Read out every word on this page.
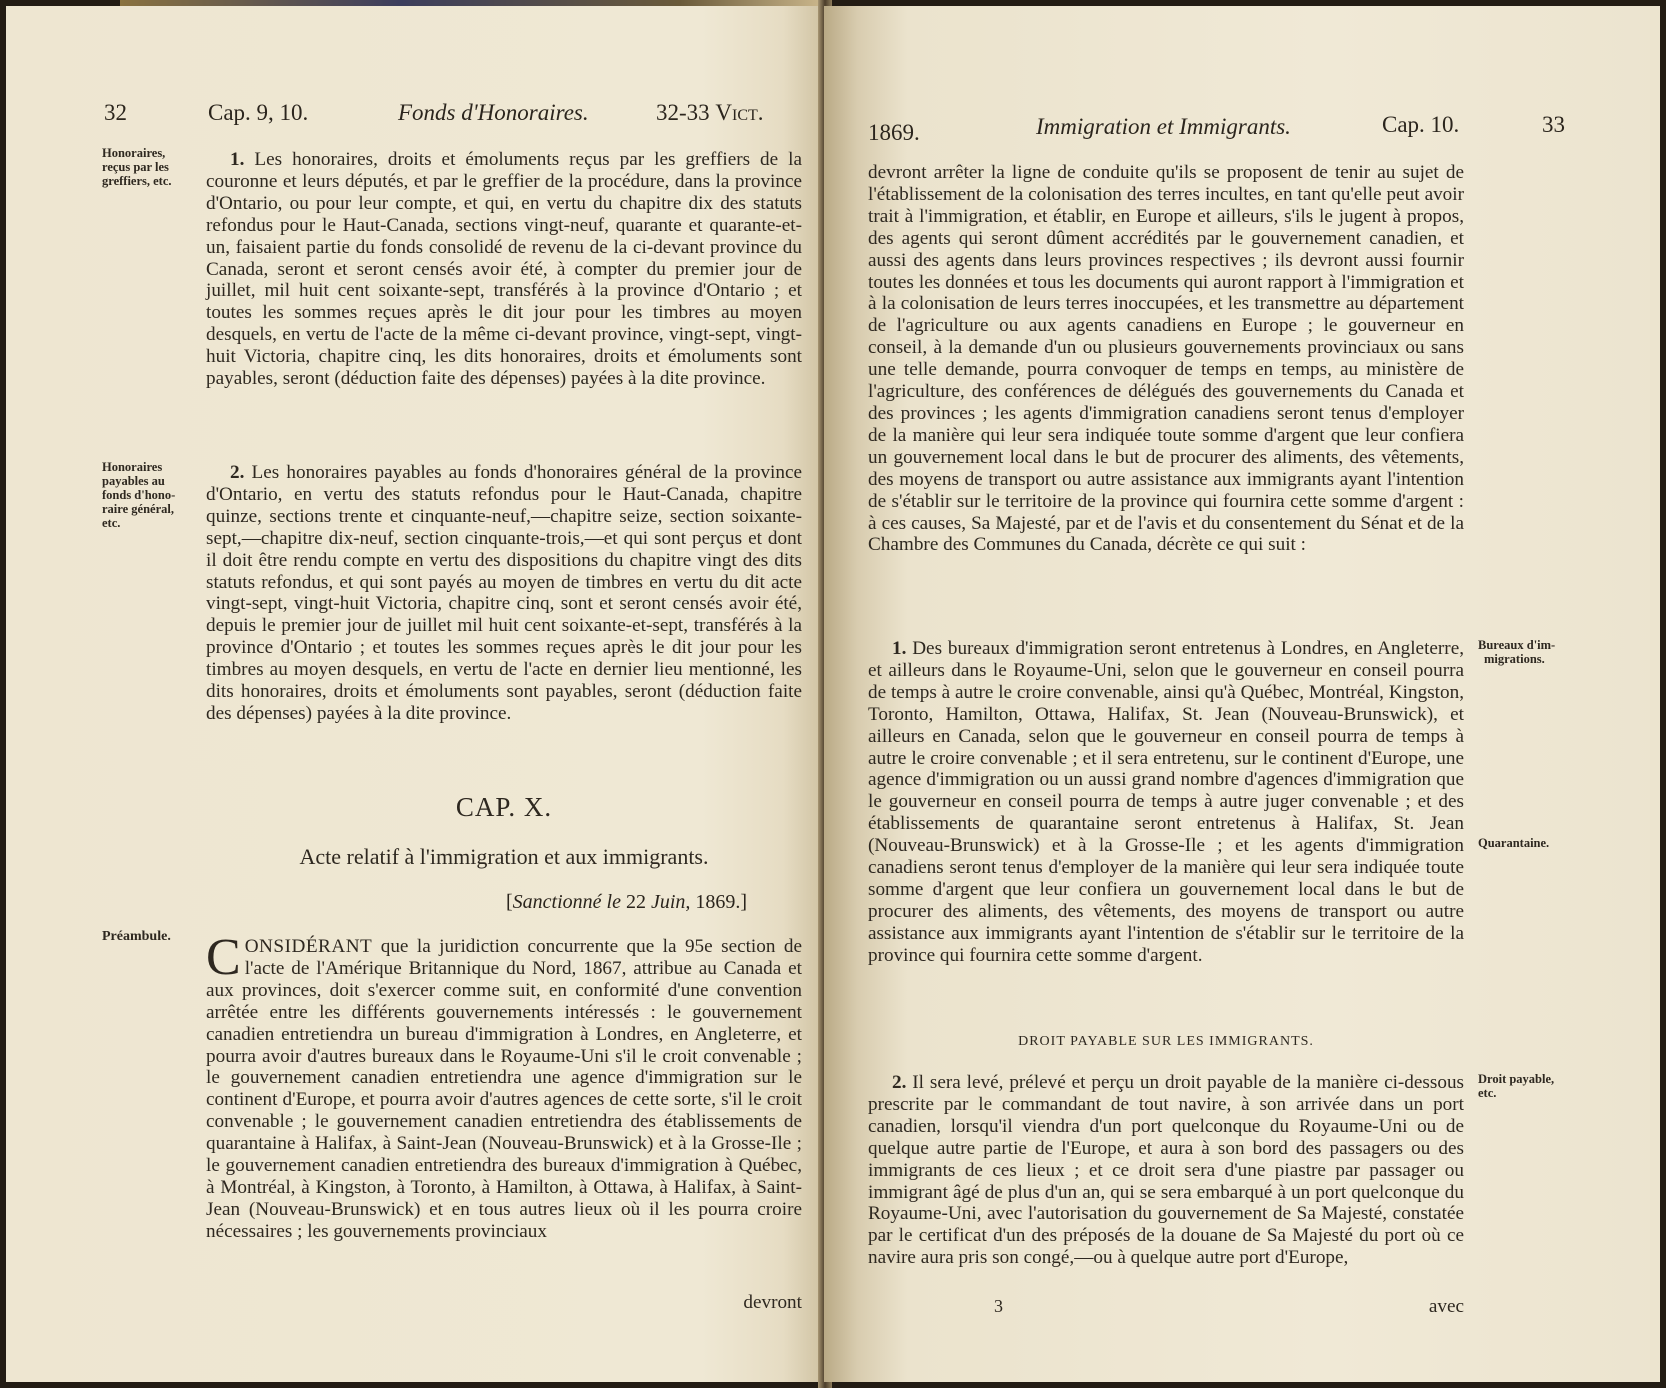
32	Cap. 9, 10.	Fonds d'Honoraires.	32-33 Vict.
Honoraires,
reçus par les
greffiers, etc.
Honoraires
payables au
fonds d'hono-
raire général,
etc.
Préambule.

1. Les honoraires, droits et émoluments reçus par les greffiers de la couronne et leurs députés, et par le greffier de la procédure, dans la province d'Ontario, ou pour leur compte, et qui, en vertu du chapitre dix des statuts refondus pour le Haut-Canada, sections vingt-neuf, quarante et quarante-et-un, faisaient partie du fonds consolidé de revenu de la ci-devant province du Canada, seront et seront censés avoir été, à compter du premier jour de juillet, mil huit cent soixante-sept, transférés à la province d'Ontario ; et toutes les sommes reçues après le dit jour pour les timbres au moyen desquels, en vertu de l'acte de la même ci-devant province, vingt-sept, vingt-huit Victoria, chapitre cinq, les dits honoraires, droits et émoluments sont payables, seront (déduction faite des dépenses) payées à la dite province.

2. Les honoraires payables au fonds d'honoraires général de la province d'Ontario, en vertu des statuts refondus pour le Haut-Canada, chapitre quinze, sections trente et cinquante-neuf,—chapitre seize, section soixante-sept,—chapitre dix-neuf, section cinquante-trois,—et qui sont perçus et dont il doit être rendu compte en vertu des dispositions du chapitre vingt des dits statuts refondus, et qui sont payés au moyen de timbres en vertu du dit acte vingt-sept, vingt-huit Victoria, chapitre cinq, sont et seront censés avoir été, depuis le premier jour de juillet mil huit cent soixante-et-sept, transférés à la province d'Ontario ; et toutes les sommes reçues après le dit jour pour les timbres au moyen desquels, en vertu de l'acte en dernier lieu mentionné, les dits honoraires, droits et émoluments sont payables, seront (déduction faite des dépenses) payées à la dite province.

CAP. X.
Acte relatif à l'immigration et aux immigrants.
[Sanctionné le 22 Juin, 1869.]

CONSIDÉRANT que la juridiction concurrente que la 95e section de l'acte de l'Amérique Britannique du Nord, 1867, attribue au Canada et aux provinces, doit s'exercer comme suit, en conformité d'une convention arrêtée entre les différents gouvernements intéressés : le gouvernement canadien entretiendra un bureau d'immigration à Londres, en Angleterre, et pourra avoir d'autres bureaux dans le Royaume-Uni s'il le croit convenable ; le gouvernement canadien entretiendra une agence d'immigration sur le continent d'Europe, et pourra avoir d'autres agences de cette sorte, s'il le croit convenable ; le gouvernement canadien entretiendra des établissements de quarantaine à Halifax, à Saint-Jean (Nouveau-Brunswick) et à la Grosse-Ile ; le gouvernement canadien entretiendra des bureaux d'immigration à Québec, à Montréal, à Kingston, à Toronto, à Hamilton, à Ottawa, à Halifax, à Saint-Jean (Nouveau-Brunswick) et en tous autres lieux où il les pourra croire nécessaires ; les gouvernements provinciaux

devront
1869.	Immigration et Immigrants.	Cap. 10.	33

devront arrêter la ligne de conduite qu'ils se proposent de tenir au sujet de l'établissement de la colonisation des terres incultes, en tant qu'elle peut avoir trait à l'immigration, et établir, en Europe et ailleurs, s'ils le jugent à propos, des agents qui seront dûment accrédités par le gouvernement canadien, et aussi des agents dans leurs provinces respectives ; ils devront aussi fournir toutes les données et tous les documents qui auront rapport à l'immigration et à la colonisation de leurs terres inoccupées, et les transmettre au département de l'agriculture ou aux agents canadiens en Europe ; le gouverneur en conseil, à la demande d'un ou plusieurs gouvernements provinciaux ou sans une telle demande, pourra convoquer de temps en temps, au ministère de l'agriculture, des conférences de délégués des gouvernements du Canada et des provinces ; les agents d'immigration canadiens seront tenus d'employer de la manière qui leur sera indiquée toute somme d'argent que leur confiera un gouvernement local dans le but de procurer des aliments, des vêtements, des moyens de transport ou autre assistance aux immigrants ayant l'intention de s'établir sur le territoire de la province qui fournira cette somme d'argent : à ces causes, Sa Majesté, par et de l'avis et du consentement du Sénat et de la Chambre des Communes du Canada, décrète ce qui suit :

Bureaux d'im-
migrations.
Quarantaine.
Droit payable,
etc.

1. Des bureaux d'immigration seront entretenus à Londres, en Angleterre, et ailleurs dans le Royaume-Uni, selon que le gouverneur en conseil pourra de temps à autre le croire convenable, ainsi qu'à Québec, Montréal, Kingston, Toronto, Hamilton, Ottawa, Halifax, St. Jean (Nouveau-Brunswick), et ailleurs en Canada, selon que le gouverneur en conseil pourra de temps à autre le croire convenable ; et il sera entretenu, sur le continent d'Europe, une agence d'immigration ou un aussi grand nombre d'agences d'immigration que le gouverneur en conseil pourra de temps à autre juger convenable ; et des établissements de quarantaine seront entretenus à Halifax, St. Jean (Nouveau-Brunswick) et à la Grosse-Ile ; et les agents d'immigration canadiens seront tenus d'employer de la manière qui leur sera indiquée toute somme d'argent que leur confiera un gouvernement local dans le but de procurer des aliments, des vêtements, des moyens de transport ou autre assistance aux immigrants ayant l'intention de s'établir sur le territoire de la province qui fournira cette somme d'argent.

DROIT PAYABLE SUR LES IMMIGRANTS.

2. Il sera levé, prélevé et perçu un droit payable de la manière ci-dessous prescrite par le commandant de tout navire, à son arrivée dans un port canadien, lorsqu'il viendra d'un port quelconque du Royaume-Uni ou de quelque autre partie de l'Europe, et aura à son bord des passagers ou des immigrants de ces lieux ; et ce droit sera d'une piastre par passager ou immigrant âgé de plus d'un an, qui se sera embarqué à un port quelconque du Royaume-Uni, avec l'autorisation du gouvernement de Sa Majesté, constatée par le certificat d'un des préposés de la douane de Sa Majesté du port où ce navire aura pris son congé,—ou à quelque autre port d'Europe,

3	avec
